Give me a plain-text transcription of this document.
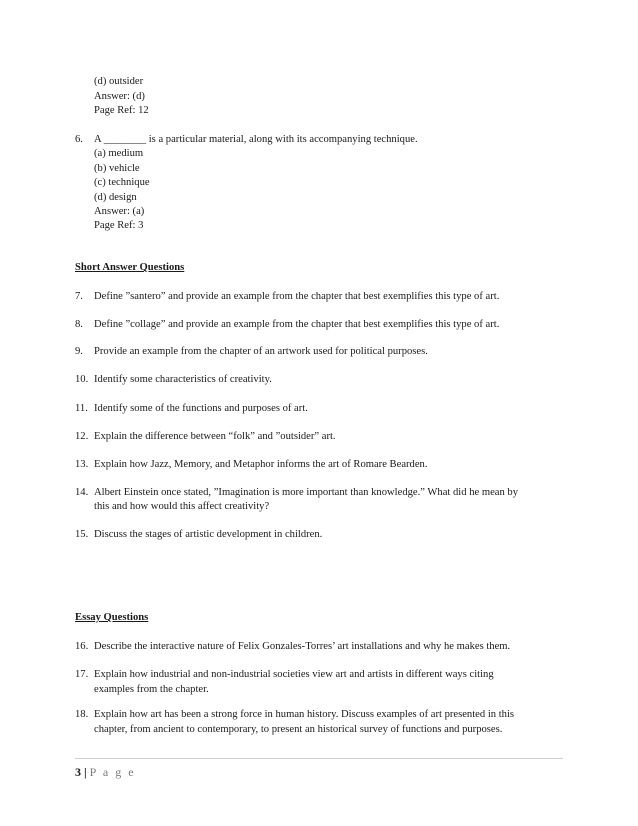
(d) outsider
Answer: (d)
Page Ref: 12
6. A ________ is a particular material, along with its accompanying technique.
(a) medium
(b) vehicle
(c) technique
(d) design
Answer: (a)
Page Ref: 3
Short Answer Questions
7. Define ”santero” and provide an example from the chapter that best exemplifies this type of art.
8. Define ”collage” and provide an example from the chapter that best exemplifies this type of art.
9. Provide an example from the chapter of an artwork used for political purposes.
10. Identify some characteristics of creativity.
11. Identify some of the functions and purposes of art.
12. Explain the difference between “folk” and ”outsider” art.
13. Explain how Jazz, Memory, and Metaphor informs the art of Romare Bearden.
14. Albert Einstein once stated, ”Imagination is more important than knowledge.” What did he mean by
this and how would this affect creativity?
15. Discuss the stages of artistic development in children.
Essay Questions
16. Describe the interactive nature of Felix Gonzales-Torres’ art installations and why he makes them.
17. Explain how industrial and non-industrial societies view art and artists in different ways citing
examples from the chapter.
18. Explain how art has been a strong force in human history. Discuss examples of art presented in this
chapter, from ancient to contemporary, to present an historical survey of functions and purposes.
3 | P a g e
